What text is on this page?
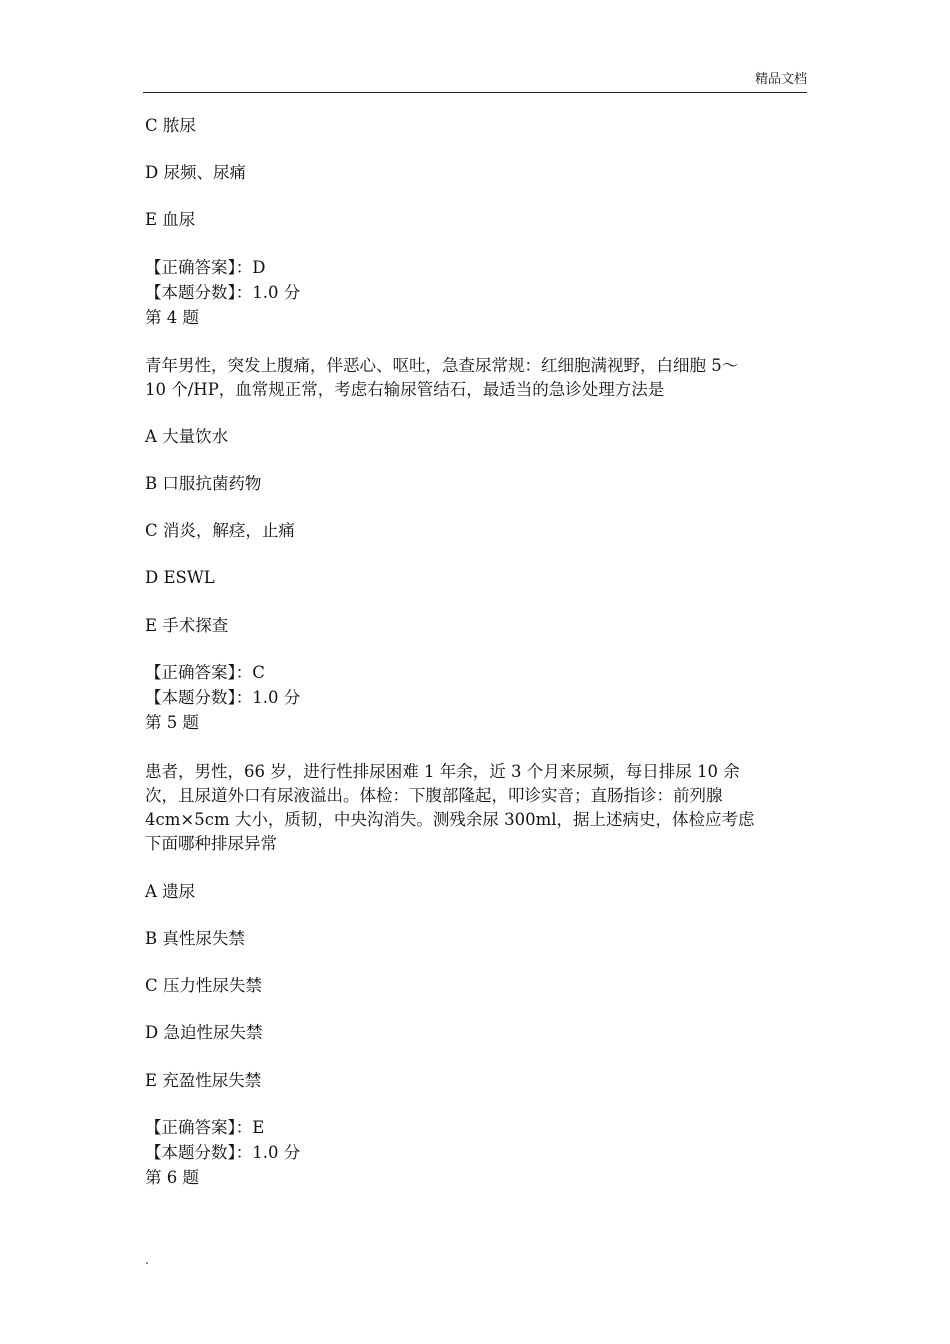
精品文档
C 脓尿
D 尿频、尿痛
E 血尿
【正确答案】：D
【本题分数】：1.0 分
第 4 题
青年男性，突发上腹痛，伴恶心、呕吐，急查尿常规：红细胞满视野，白细胞 5～
10 个/HP，血常规正常，考虑右输尿管结石，最适当的急诊处理方法是
A 大量饮水
B 口服抗菌药物
C 消炎，解痉，止痛
D ESWL
E 手术探查
【正确答案】：C
【本题分数】：1.0 分
第 5 题
患者，男性，66 岁，进行性排尿困难 1 年余，近 3 个月来尿频，每日排尿 10 余
次，且尿道外口有尿液溢出。体检：下腹部隆起，叩诊实音；直肠指诊：前列腺
4cm×5cm 大小，质韧，中央沟消失。测残余尿 300ml，据上述病史，体检应考虑
下面哪种排尿异常
A 遗尿
B 真性尿失禁
C 压力性尿失禁
D 急迫性尿失禁
E 充盈性尿失禁
【正确答案】：E
【本题分数】：1.0 分
第 6 题
.
